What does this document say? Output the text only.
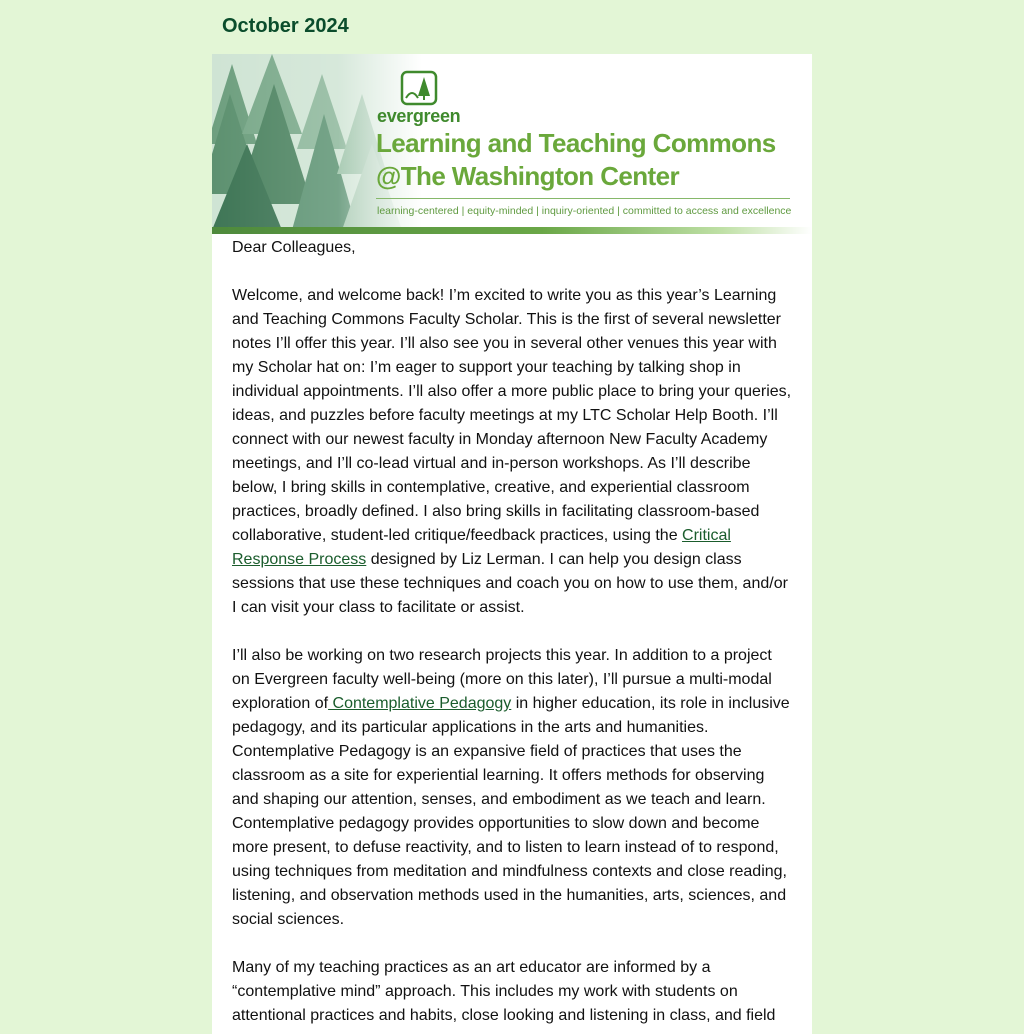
October 2024
evergreen
Learning and Teaching Commons
@The Washington Center
learning-centered | equity-minded | inquiry-oriented | committed to access and excellence

Dear Colleagues,

Welcome, and welcome back! I’m excited to write you as this year’s Learning and Teaching Commons Faculty Scholar. This is the first of several newsletter notes I’ll offer this year. I’ll also see you in several other venues this year with my Scholar hat on: I’m eager to support your teaching by talking shop in individual appointments. I’ll also offer a more public place to bring your queries, ideas, and puzzles before faculty meetings at my LTC Scholar Help Booth. I’ll connect with our newest faculty in Monday afternoon New Faculty Academy meetings, and I’ll co-lead virtual and in-person workshops. As I’ll describe below, I bring skills in contemplative, creative, and experiential classroom practices, broadly defined. I also bring skills in facilitating classroom-based collaborative, student-led critique/feedback practices, using the Critical Response Process designed by Liz Lerman. I can help you design class sessions that use these techniques and coach you on how to use them, and/or I can visit your class to facilitate or assist.

I’ll also be working on two research projects this year. In addition to a project on Evergreen faculty well-being (more on this later), I’ll pursue a multi-modal exploration of Contemplative Pedagogy in higher education, its role in inclusive pedagogy, and its particular applications in the arts and humanities. Contemplative Pedagogy is an expansive field of practices that uses the classroom as a site for experiential learning. It offers methods for observing and shaping our attention, senses, and embodiment as we teach and learn. Contemplative pedagogy provides opportunities to slow down and become more present, to defuse reactivity, and to listen to learn instead of to respond, using techniques from meditation and mindfulness contexts and close reading, listening, and observation methods used in the humanities, arts, sciences, and social sciences.

Many of my teaching practices as an art educator are informed by a “contemplative mind” approach. This includes my work with students on attentional practices and habits, close looking and listening in class, and field
